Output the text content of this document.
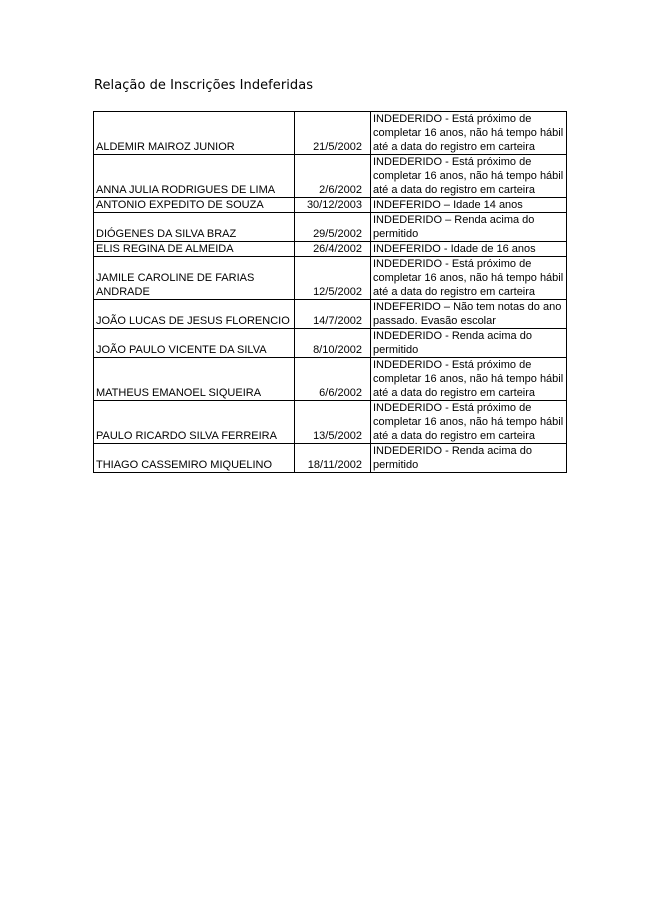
Relação de Inscrições Indeferidas
ALDEMIR MAIROZ JUNIOR	21/5/2002	INDEDERIDO - Está próximo de completar 16 anos, não há tempo hábil até a data do registro em carteira
ANNA JULIA RODRIGUES DE LIMA	2/6/2002	INDEDERIDO - Está próximo de completar 16 anos, não há tempo hábil até a data do registro em carteira
ANTONIO EXPEDITO DE SOUZA	30/12/2003	INDEFERIDO – Idade 14 anos
DIÓGENES DA SILVA BRAZ	29/5/2002	INDEDERIDO – Renda acima do permitido
ELIS REGINA DE ALMEIDA	26/4/2002	INDEFERIDO - Idade de 16 anos
JAMILE CAROLINE DE FARIAS ANDRADE	12/5/2002	INDEDERIDO - Está próximo de completar 16 anos, não há tempo hábil até a data do registro em carteira
JOÃO LUCAS DE JESUS FLORENCIO	14/7/2002	INDEFERIDO – Não tem notas do ano passado. Evasão escolar
JOÃO PAULO VICENTE DA SILVA	8/10/2002	INDEDERIDO - Renda acima do permitido
MATHEUS EMANOEL SIQUEIRA	6/6/2002	INDEDERIDO - Está próximo de completar 16 anos, não há tempo hábil até a data do registro em carteira
PAULO RICARDO SILVA FERREIRA	13/5/2002	INDEDERIDO - Está próximo de completar 16 anos, não há tempo hábil até a data do registro em carteira
THIAGO CASSEMIRO MIQUELINO	18/11/2002	INDEDERIDO - Renda acima do permitido
